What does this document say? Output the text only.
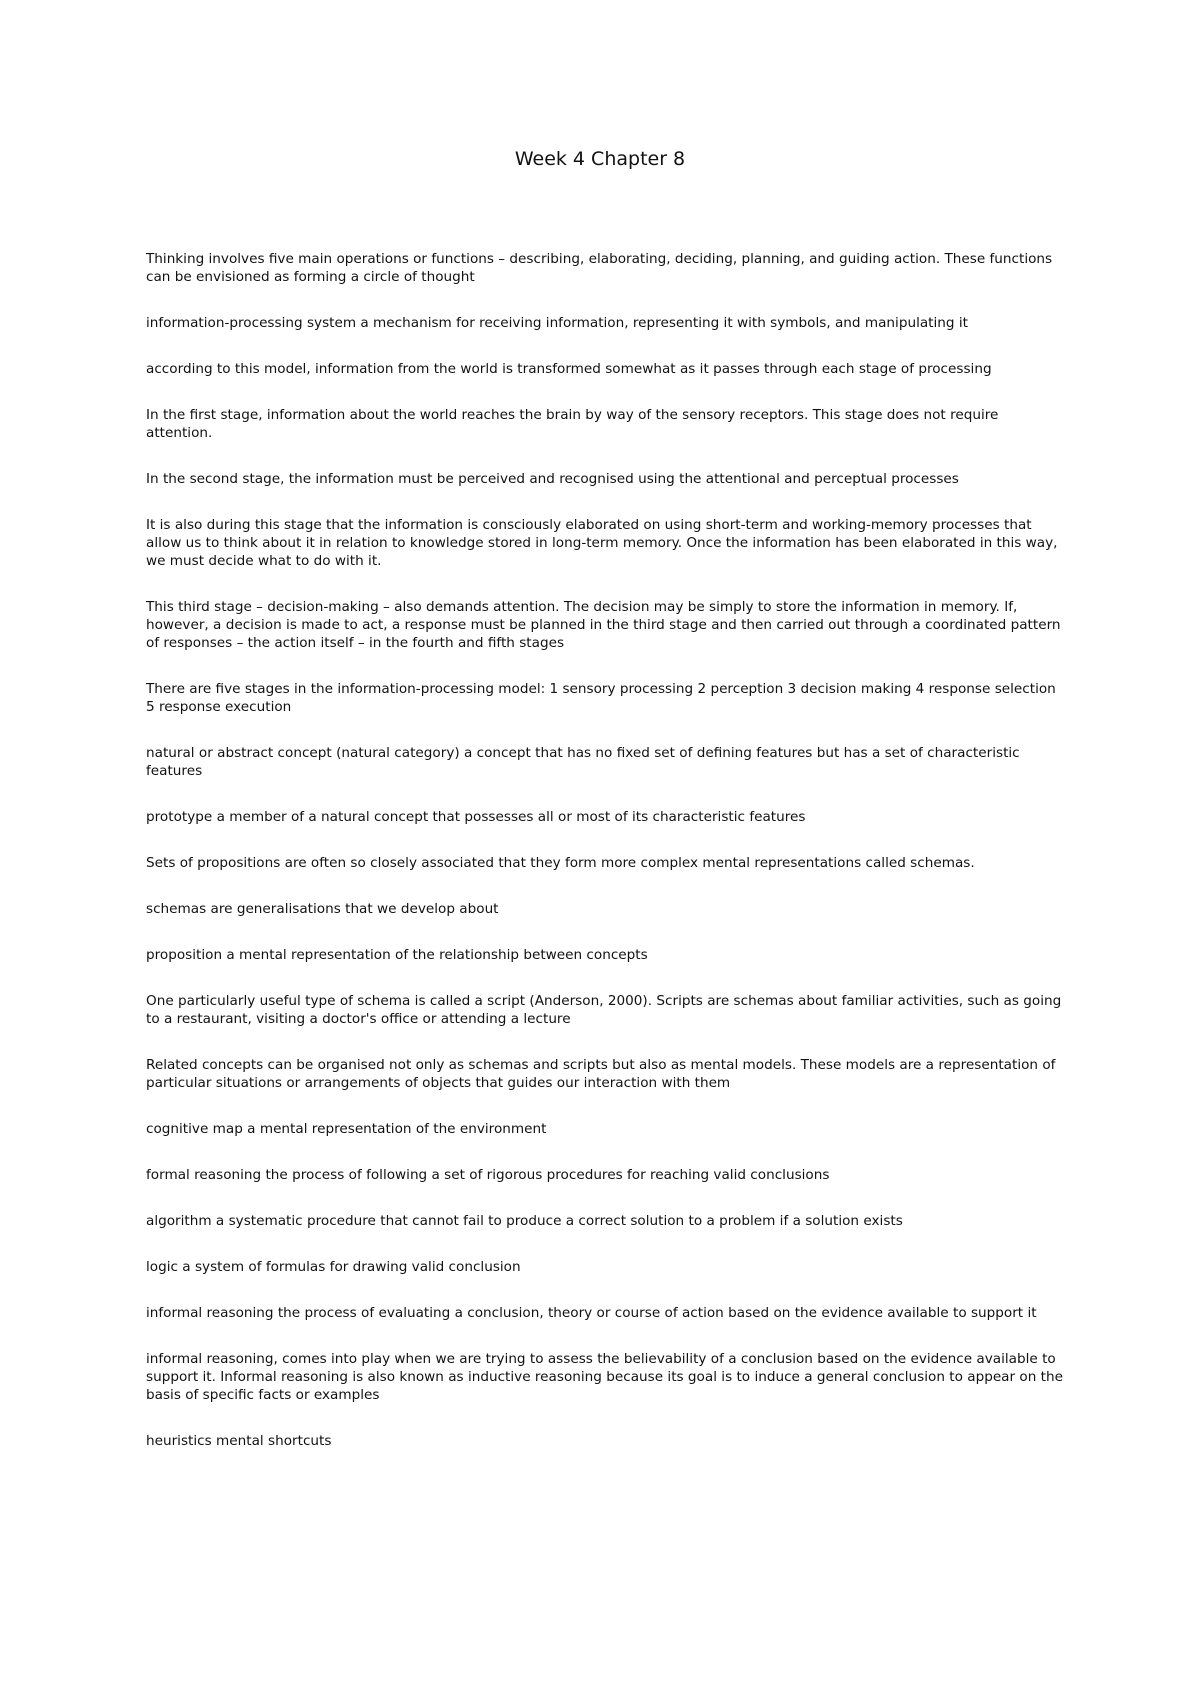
Week 4 Chapter 8

Thinking involves five main operations or functions – describing, elaborating, deciding, planning, and guiding action. These functions can be envisioned as forming a circle of thought

information-processing system a mechanism for receiving information, representing it with symbols, and manipulating it

according to this model, information from the world is transformed somewhat as it passes through each stage of processing

In the first stage, information about the world reaches the brain by way of the sensory receptors. This stage does not require attention.

In the second stage, the information must be perceived and recognised using the attentional and perceptual processes

It is also during this stage that the information is consciously elaborated on using short-term and working-memory processes that allow us to think about it in relation to knowledge stored in long-term memory. Once the information has been elaborated in this way, we must decide what to do with it.

This third stage – decision-making – also demands attention. The decision may be simply to store the information in memory. If, however, a decision is made to act, a response must be planned in the third stage and then carried out through a coordinated pattern of responses – the action itself – in the fourth and fifth stages

There are five stages in the information-processing model: 1 sensory processing 2 perception 3 decision making 4 response selection 5 response execution

natural or abstract concept (natural category) a concept that has no fixed set of defining features but has a set of characteristic features

prototype a member of a natural concept that possesses all or most of its characteristic features

Sets of propositions are often so closely associated that they form more complex mental representations called schemas.

schemas are generalisations that we develop about

proposition a mental representation of the relationship between concepts

One particularly useful type of schema is called a script (Anderson, 2000). Scripts are schemas about familiar activities, such as going to a restaurant, visiting a doctor's office or attending a lecture

Related concepts can be organised not only as schemas and scripts but also as mental models. These models are a representation of particular situations or arrangements of objects that guides our interaction with them

cognitive map a mental representation of the environment

formal reasoning the process of following a set of rigorous procedures for reaching valid conclusions

algorithm a systematic procedure that cannot fail to produce a correct solution to a problem if a solution exists

logic a system of formulas for drawing valid conclusion

informal reasoning the process of evaluating a conclusion, theory or course of action based on the evidence available to support it

informal reasoning, comes into play when we are trying to assess the believability of a conclusion based on the evidence available to support it. Informal reasoning is also known as inductive reasoning because its goal is to induce a general conclusion to appear on the basis of specific facts or examples

heuristics mental shortcuts
